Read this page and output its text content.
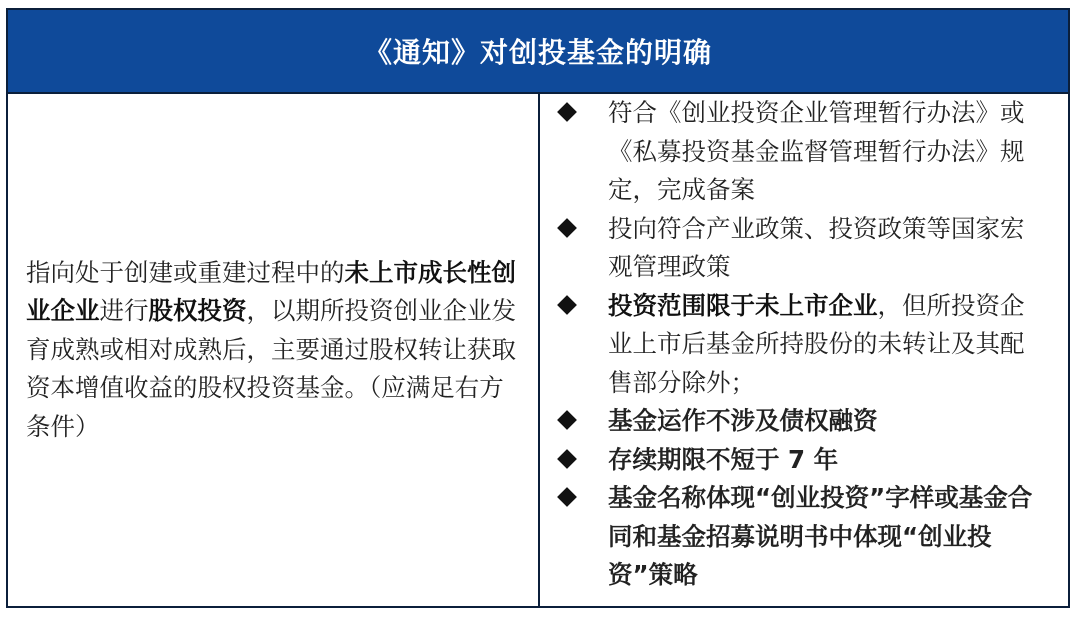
《通知》对创投基金的明确

指向处于创建或重建过程中的未上市成长性创业企业进行股权投资，以期所投资创业企业发育成熟或相对成熟后，主要通过股权转让获取资本增值收益的股权投资基金。（应满足右方条件）

符合《创业投资企业管理暂行办法》或《私募投资基金监督管理暂行办法》规定，完成备案
投向符合产业政策、投资政策等国家宏观管理政策
投资范围限于未上市企业，但所投资企业上市后基金所持股份的未转让及其配售部分除外；
基金运作不涉及债权融资
存续期限不短于 7 年
基金名称体现“创业投资”字样或基金合同和基金招募说明书中体现“创业投资”策略
